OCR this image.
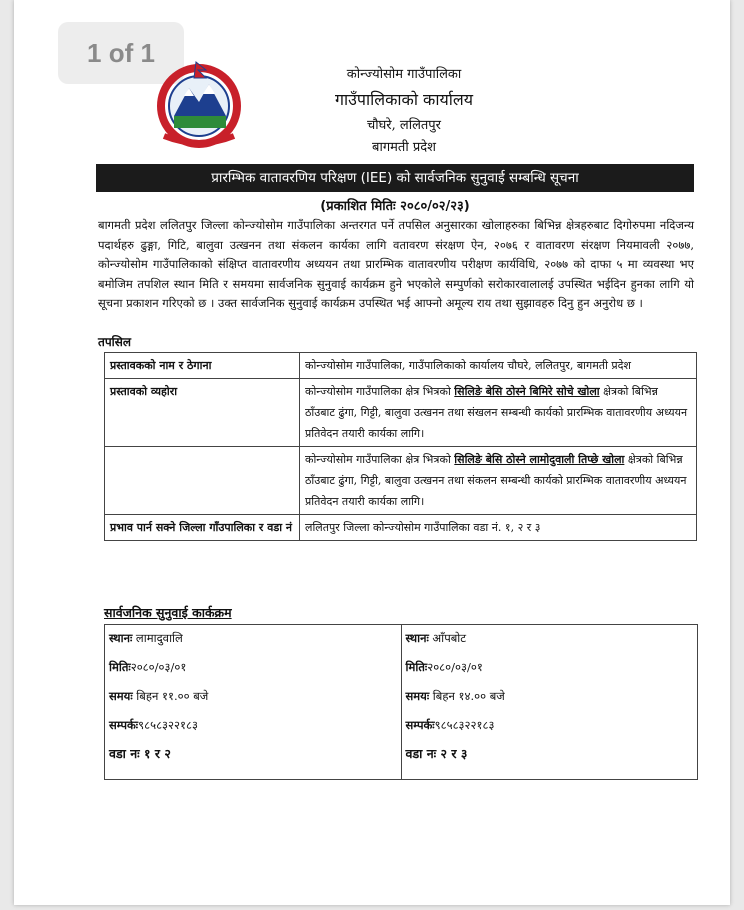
1 of 1
कोन्ज्योसोम गाउँपालिका
गाउँपालिकाको कार्यालय
चौघरे, ललितपुर
बागमती प्रदेश
प्रारम्भिक वातावरणिय परिक्षण (IEE) को सार्वजनिक सुनुवाई सम्बन्धि सूचना
(प्रकाशित मितिः २०८०/०२/२३)
बागमती प्रदेश ललितपुर जिल्ला कोन्ज्योसोम गाउँपालिका अन्तरगत पर्ने तपसिल अनुसारका खोलाहरुका बिभिन्न क्षेत्रहरुबाट दिगोरुपमा नदिजन्य पदार्थहरु ढुङ्गा, गिटि, बालुवा उत्खनन तथा संकलन कार्यका लागि वतावरण संरक्षण ऐन, २०७६ र वातावरण संरक्षण नियमावली २०७७, कोन्ज्योसोम गाउँपालिकाको संक्षिप्त वातावरणीय अध्ययन तथा प्रारम्भिक वातावरणीय परीक्षण कार्यविधि, २०७७ को दाफा ५ मा व्यवस्था भए बमोजिम तपशिल स्थान मिति र समयमा सार्वजनिक सुनुवाई कार्यक्रम हुने भएकोले सम्पुर्णको सरोकारवालालई उपस्थित भईदिन हुनका लागि यो सूचना प्रकाशन गरिएको छ । उक्त सार्वजनिक सुनुवाई कार्यक्रम उपस्थित भई आफ्नो अमूल्य राय तथा सुझावहरु दिनु हुन अनुरोध छ ।
तपसिल
प्रस्तावकको नाम र ठेगाना	कोन्ज्योसोम गाउँपालिका, गाउँपालिकाको कार्यालय चौघरे, ललितपुर, बागमती प्रदेश
प्रस्तावको व्यहोरा	कोन्ज्योसोम गाउँपालिका क्षेत्र भित्रको सिलिङे बेसि ठोस्ने बिमिरे सोचे खोला क्षेत्रको बिभिन्न ठाँउबाट ढुंगा, गिट्टी, बालुवा उत्खनन तथा संखलन सम्बन्धी कार्यको प्रारम्भिक वातावरणीय अध्ययन प्रतिवेदन तयारी कार्यका लागि।
	कोन्ज्योसोम गाउँपालिका क्षेत्र भित्रको सिलिङे बेसि ठोस्ने लामोदुवाली तिप्छे खोला क्षेत्रको बिभिन्न ठाँउबाट ढुंगा, गिट्टी, बालुवा उत्खनन तथा संकलन सम्बन्धी कार्यको प्रारम्भिक वातावरणीय अध्ययन प्रतिवेदन तयारी कार्यका लागि।
प्रभाव पार्न सक्ने जिल्ला गाँउपालिका र वडा नं	ललितपुर जिल्ला कोन्ज्योसोम गाउँपालिका वडा नं. १, २ र ३
सार्वजनिक सुनुवाई कार्कक्रम
स्थानः लामादुवालि
मितिः२०८०/०३/०१
समयः बिहन ११.०० बजे
सम्पर्कः९८५८३२२१८३
वडा नः १ र २

स्थानः आँपबोट
मितिः२०८०/०३/०१
समयः बिहन १४.०० बजे
सम्पर्कः९८५८३२२१८३
वडा नः २ र ३
